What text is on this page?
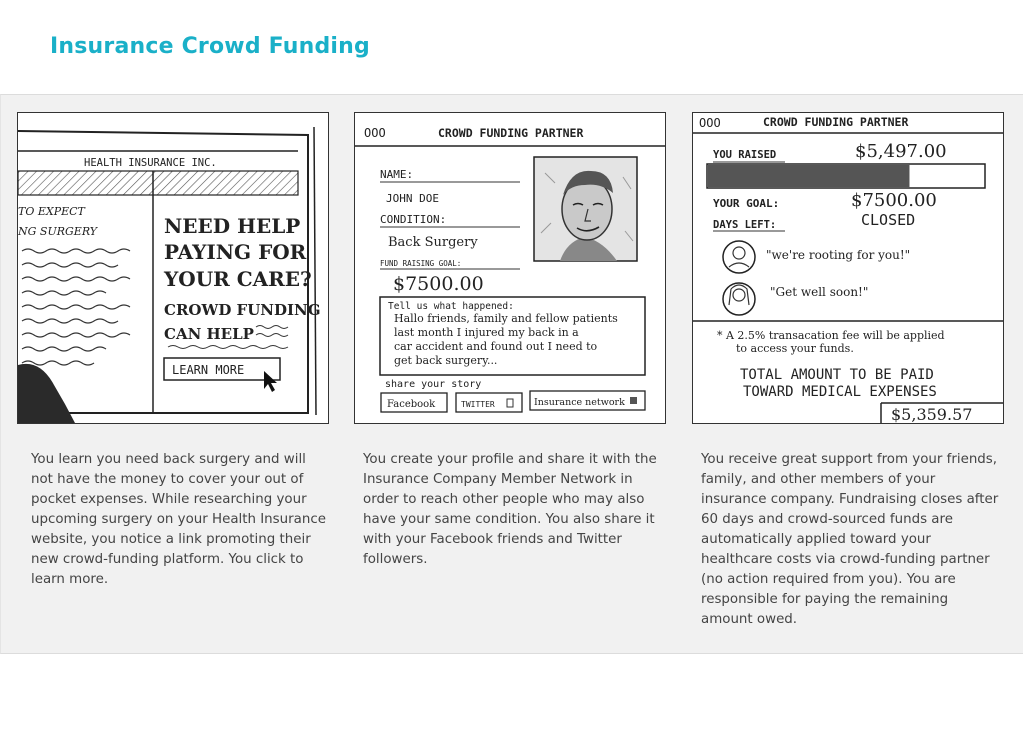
Insurance Crowd Funding
HEALTH INSURANCE INC.
TO EXPECT
NG SURGERY	NEED HELP
PAYING FOR
YOUR CARE?
CROWD FUNDING
CAN HELP
LEARN MORE
OOO	CROWD FUNDING PARTNER
NAME:
JOHN DOE
CONDITION:
Back Surgery
FUND RAISING GOAL:
$7500.00
Tell us what happened:
Hallo friends, family and fellow patients
last month I injured my back in a
car accident and found out I need to
get back surgery...
share your story
Facebook	TWITTER	Insurance network
OOO	CROWD FUNDING PARTNER
YOU RAISED	$5,497.00
YOUR GOAL:	$7500.00
DAYS LEFT:	CLOSED
"we're rooting for you!"
"Get well soon!"
* A 2.5% transacation fee will be applied
to access your funds.
TOTAL AMOUNT TO BE PAID
TOWARD MEDICAL EXPENSES
$5,359.57

You learn you need back surgery and will not have the money to cover your out of pocket expenses. While researching your upcoming surgery on your Health Insurance website, you notice a link promoting their new crowd-funding platform. You click to learn more.

You create your profile and share it with the Insurance Company Member Network in order to reach other people who may also have your same condition. You also share it with your Facebook friends and Twitter followers.

You receive great support from your friends, family, and other members of your insurance company. Fundraising closes after 60 days and crowd-sourced funds are automatically applied toward your healthcare costs via crowd-funding partner (no action required from you). You are responsible for paying the remaining amount owed.
